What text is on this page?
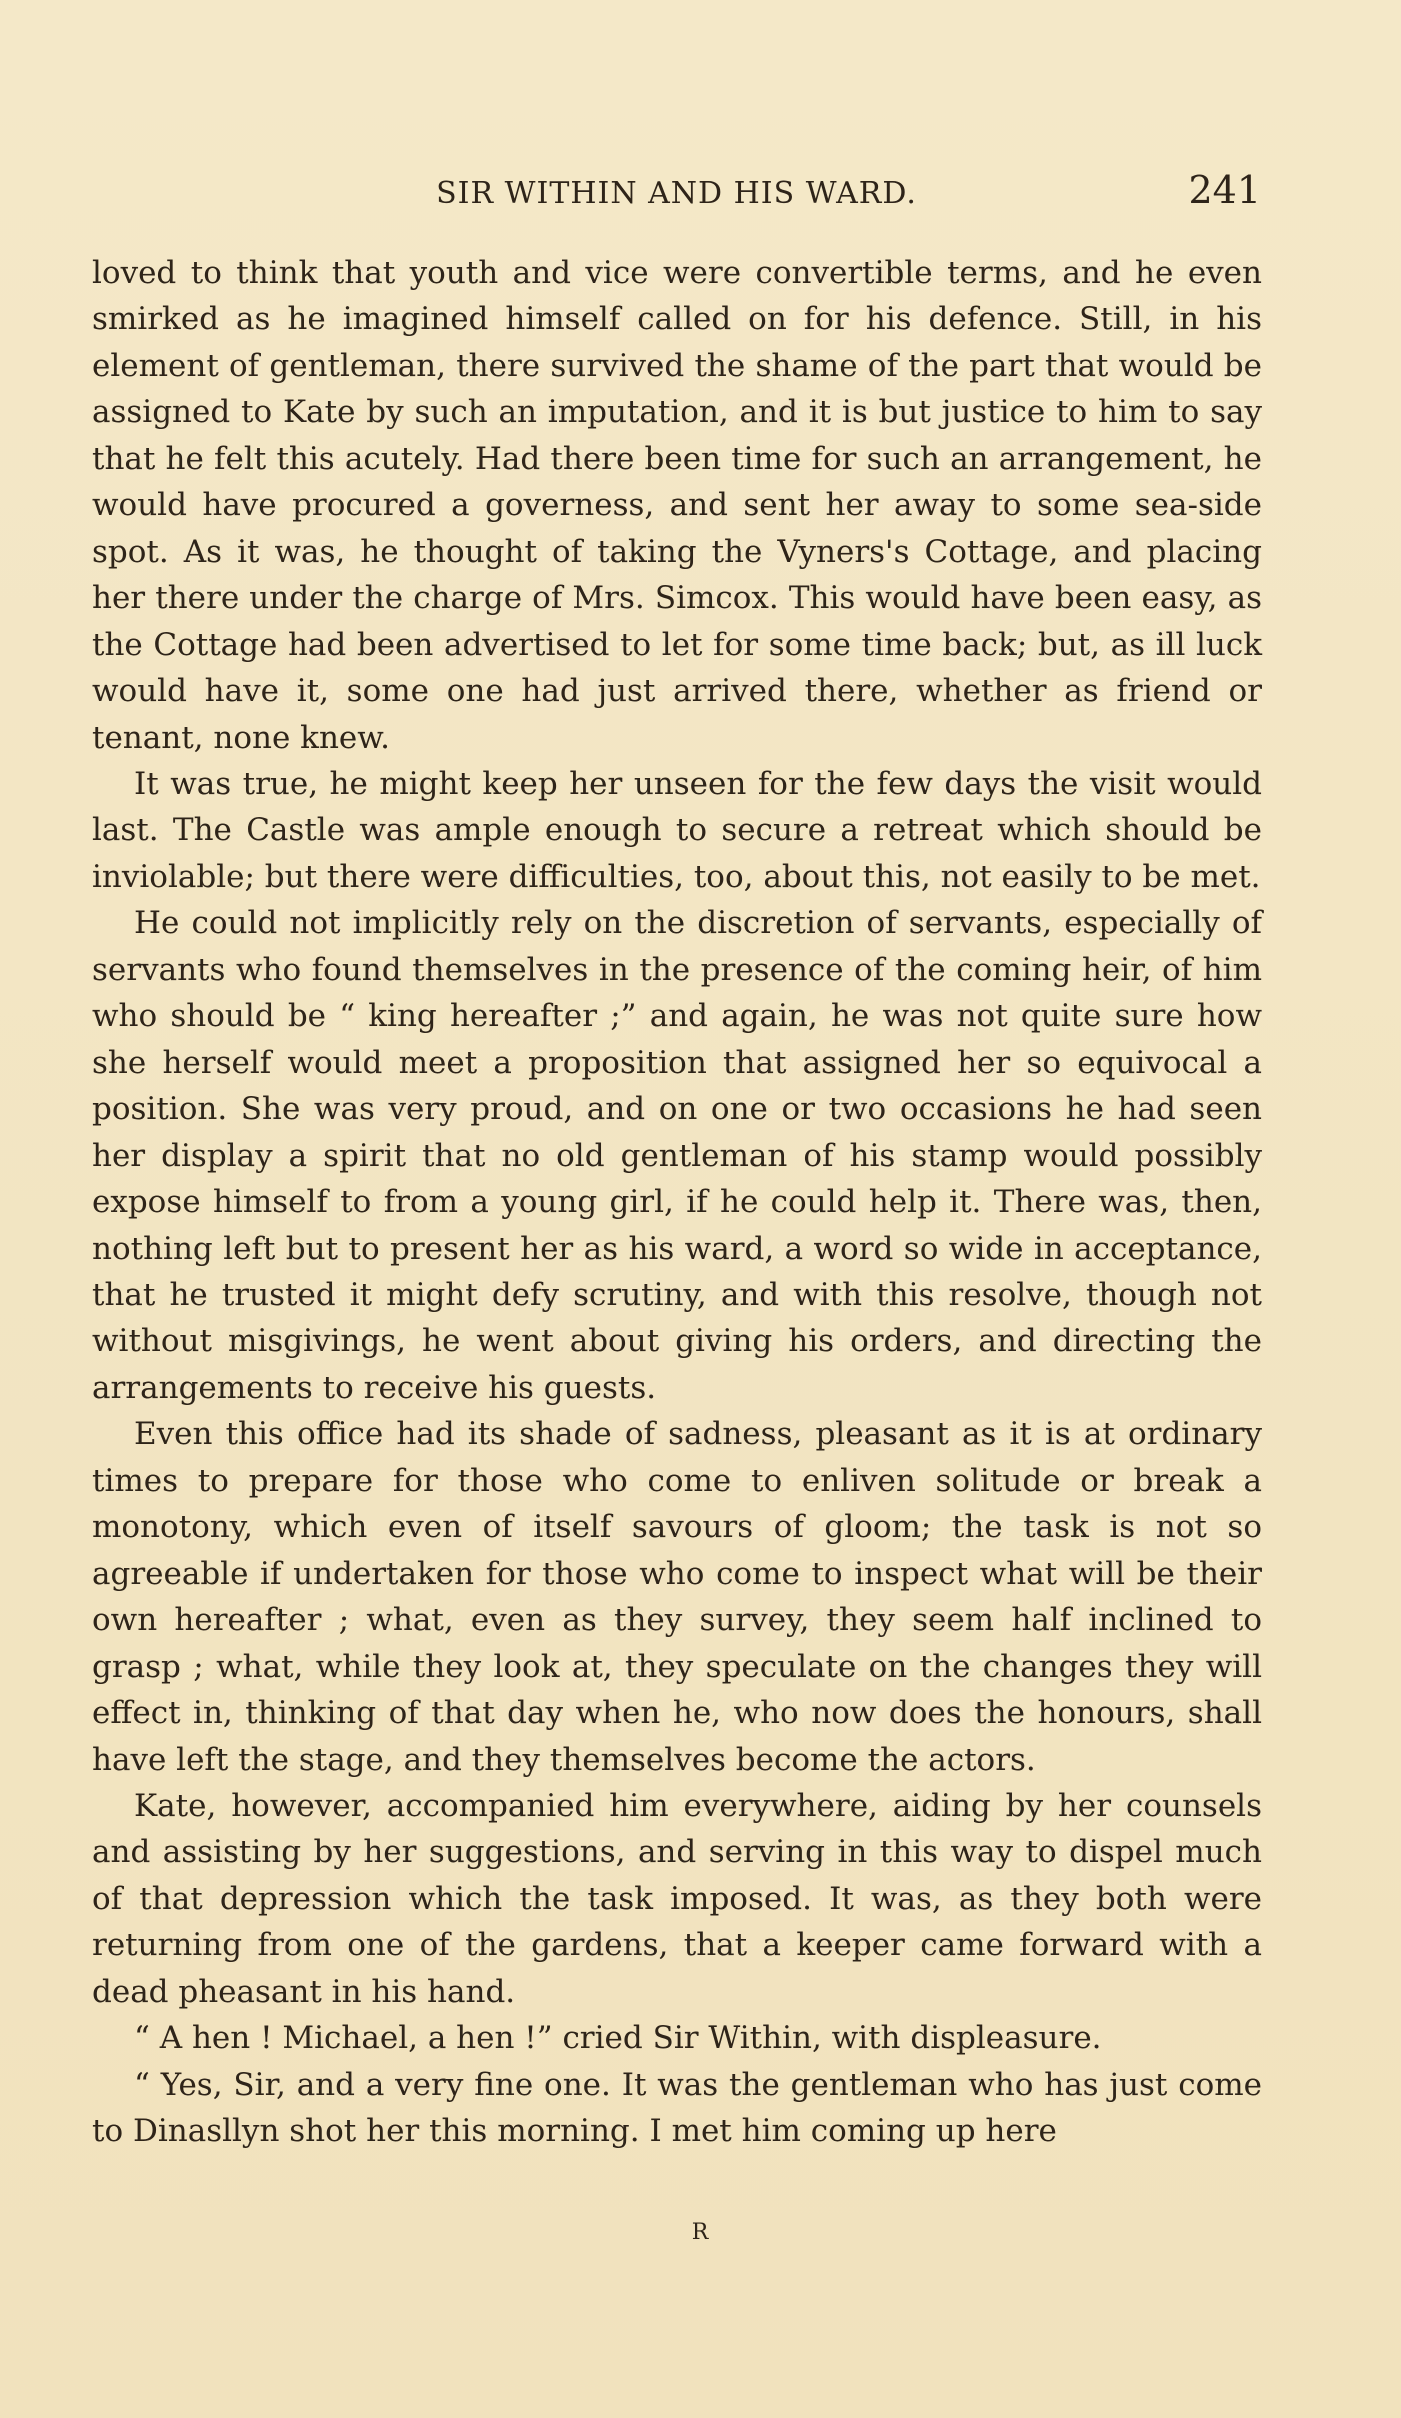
SIR WITHIN AND HIS WARD.	241

loved to think that youth and vice were convertible terms, and he even smirked as he imagined himself called on for his defence. Still, in his element of gentleman, there survived the shame of the part that would be assigned to Kate by such an imputation, and it is but justice to him to say that he felt this acutely. Had there been time for such an arrangement, he would have procured a governess, and sent her away to some sea-side spot. As it was, he thought of taking the Vyners's Cottage, and placing her there under the charge of Mrs. Simcox. This would have been easy, as the Cottage had been advertised to let for some time back; but, as ill luck would have it, some one had just arrived there, whether as friend or tenant, none knew.

It was true, he might keep her unseen for the few days the visit would last. The Castle was ample enough to secure a retreat which should be inviolable; but there were difficulties, too, about this, not easily to be met.

He could not implicitly rely on the discretion of servants, especially of servants who found themselves in the presence of the coming heir, of him who should be “ king hereafter ;” and again, he was not quite sure how she herself would meet a proposition that assigned her so equivocal a position. She was very proud, and on one or two occasions he had seen her display a spirit that no old gentleman of his stamp would possibly expose himself to from a young girl, if he could help it. There was, then, nothing left but to present her as his ward, a word so wide in acceptance, that he trusted it might defy scrutiny, and with this resolve, though not without misgivings, he went about giving his orders, and directing the arrangements to receive his guests.

Even this office had its shade of sadness, pleasant as it is at ordinary times to prepare for those who come to enliven solitude or break a monotony, which even of itself savours of gloom; the task is not so agreeable if undertaken for those who come to inspect what will be their own hereafter ; what, even as they survey, they seem half inclined to grasp ; what, while they look at, they speculate on the changes they will effect in, thinking of that day when he, who now does the honours, shall have left the stage, and they themselves become the actors.

Kate, however, accompanied him everywhere, aiding by her counsels and assisting by her suggestions, and serving in this way to dispel much of that depression which the task imposed. It was, as they both were returning from one of the gardens, that a keeper came forward with a dead pheasant in his hand.

“ A hen ! Michael, a hen !” cried Sir Within, with displeasure.

“ Yes, Sir, and a very fine one. It was the gentleman who has just come to Dinasllyn shot her this morning. I met him coming up here

R
